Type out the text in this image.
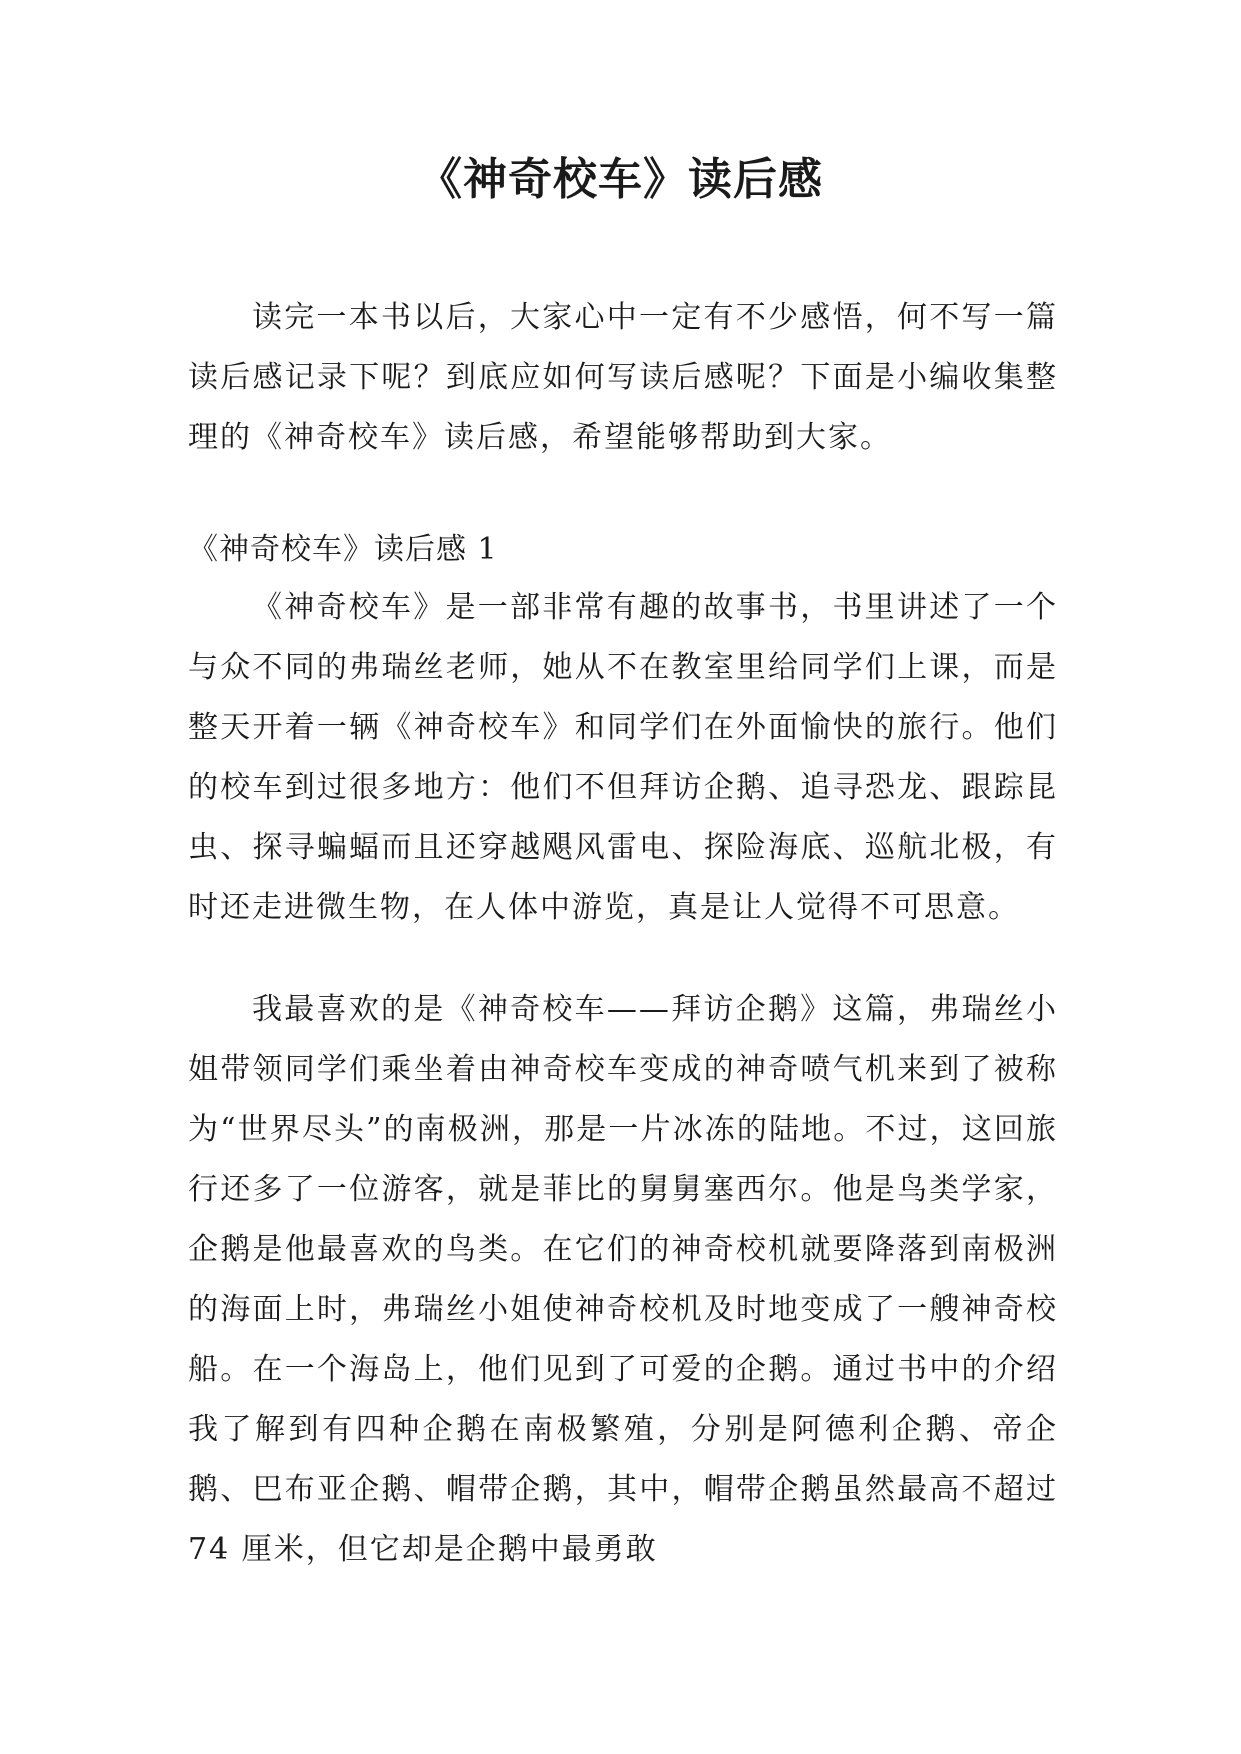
《神奇校车》读后感

读完一本书以后，大家心中一定有不少感悟，何不写一篇读后感记录下呢？到底应如何写读后感呢？下面是小编收集整理的《神奇校车》读后感，希望能够帮助到大家。

《神奇校车》读后感 1

《神奇校车》是一部非常有趣的故事书，书里讲述了一个与众不同的弗瑞丝老师，她从不在教室里给同学们上课，而是整天开着一辆《神奇校车》和同学们在外面愉快的旅行。他们的校车到过很多地方：他们不但拜访企鹅、追寻恐龙、跟踪昆虫、探寻蝙蝠而且还穿越飓风雷电、探险海底、巡航北极，有时还走进微生物，在人体中游览，真是让人觉得不可思意。

我最喜欢的是《神奇校车——拜访企鹅》这篇，弗瑞丝小姐带领同学们乘坐着由神奇校车变成的神奇喷气机来到了被称为“世界尽头”的南极洲，那是一片冰冻的陆地。不过，这回旅行还多了一位游客，就是菲比的舅舅塞西尔。他是鸟类学家，企鹅是他最喜欢的鸟类。在它们的神奇校机就要降落到南极洲的海面上时，弗瑞丝小姐使神奇校机及时地变成了一艘神奇校船。在一个海岛上，他们见到了可爱的企鹅。通过书中的介绍我了解到有四种企鹅在南极繁殖，分别是阿德利企鹅、帝企鹅、巴布亚企鹅、帽带企鹅，其中，帽带企鹅虽然最高不超过 74 厘米，但它却是企鹅中最勇敢
